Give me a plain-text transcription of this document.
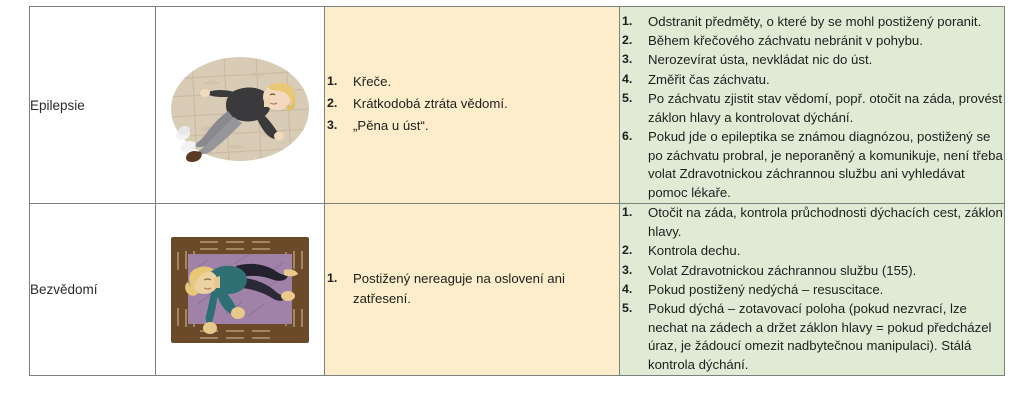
Epilepsie	

1.	Křeče.
2.	Krátkodobá ztráta vědomí.
3.	„Pěna u úst“.

1.	Odstranit předměty, o které by se mohl postižený poranit.
2.	Během křečového záchvatu nebránit v pohybu.
3.	Nerozevírat ústa, nevkládat nic do úst.
4.	Změřit čas záchvatu.
5.	Po záchvatu zjistit stav vědomí, popř. otočit na záda, provést záklon hlavy a kontrolovat dýchání.
6.	Pokud jde o epileptika se známou diagnózou, postižený se po záchvatu probral, je neporaněný a komunikuje, není třeba volat Zdravotnickou záchrannou službu ani vyhledávat pomoc lékaře.

Bezvědomí	

1.	Postižený nereaguje na oslovení ani zatřesení.

1.	Otočit na záda, kontrola průchodnosti dýchacích cest, záklon hlavy.
2.	Kontrola dechu.
3.	Volat Zdravotnickou záchrannou službu (155).
4.	Pokud postižený nedýchá – resuscitace.
5.	Pokud dýchá – zotavovací poloha (pokud nezvrací, lze nechat na zádech a držet záklon hlavy = pokud předcházel úraz, je žádoucí omezit nadbytečnou manipulaci). Stálá kontrola dýchání.
